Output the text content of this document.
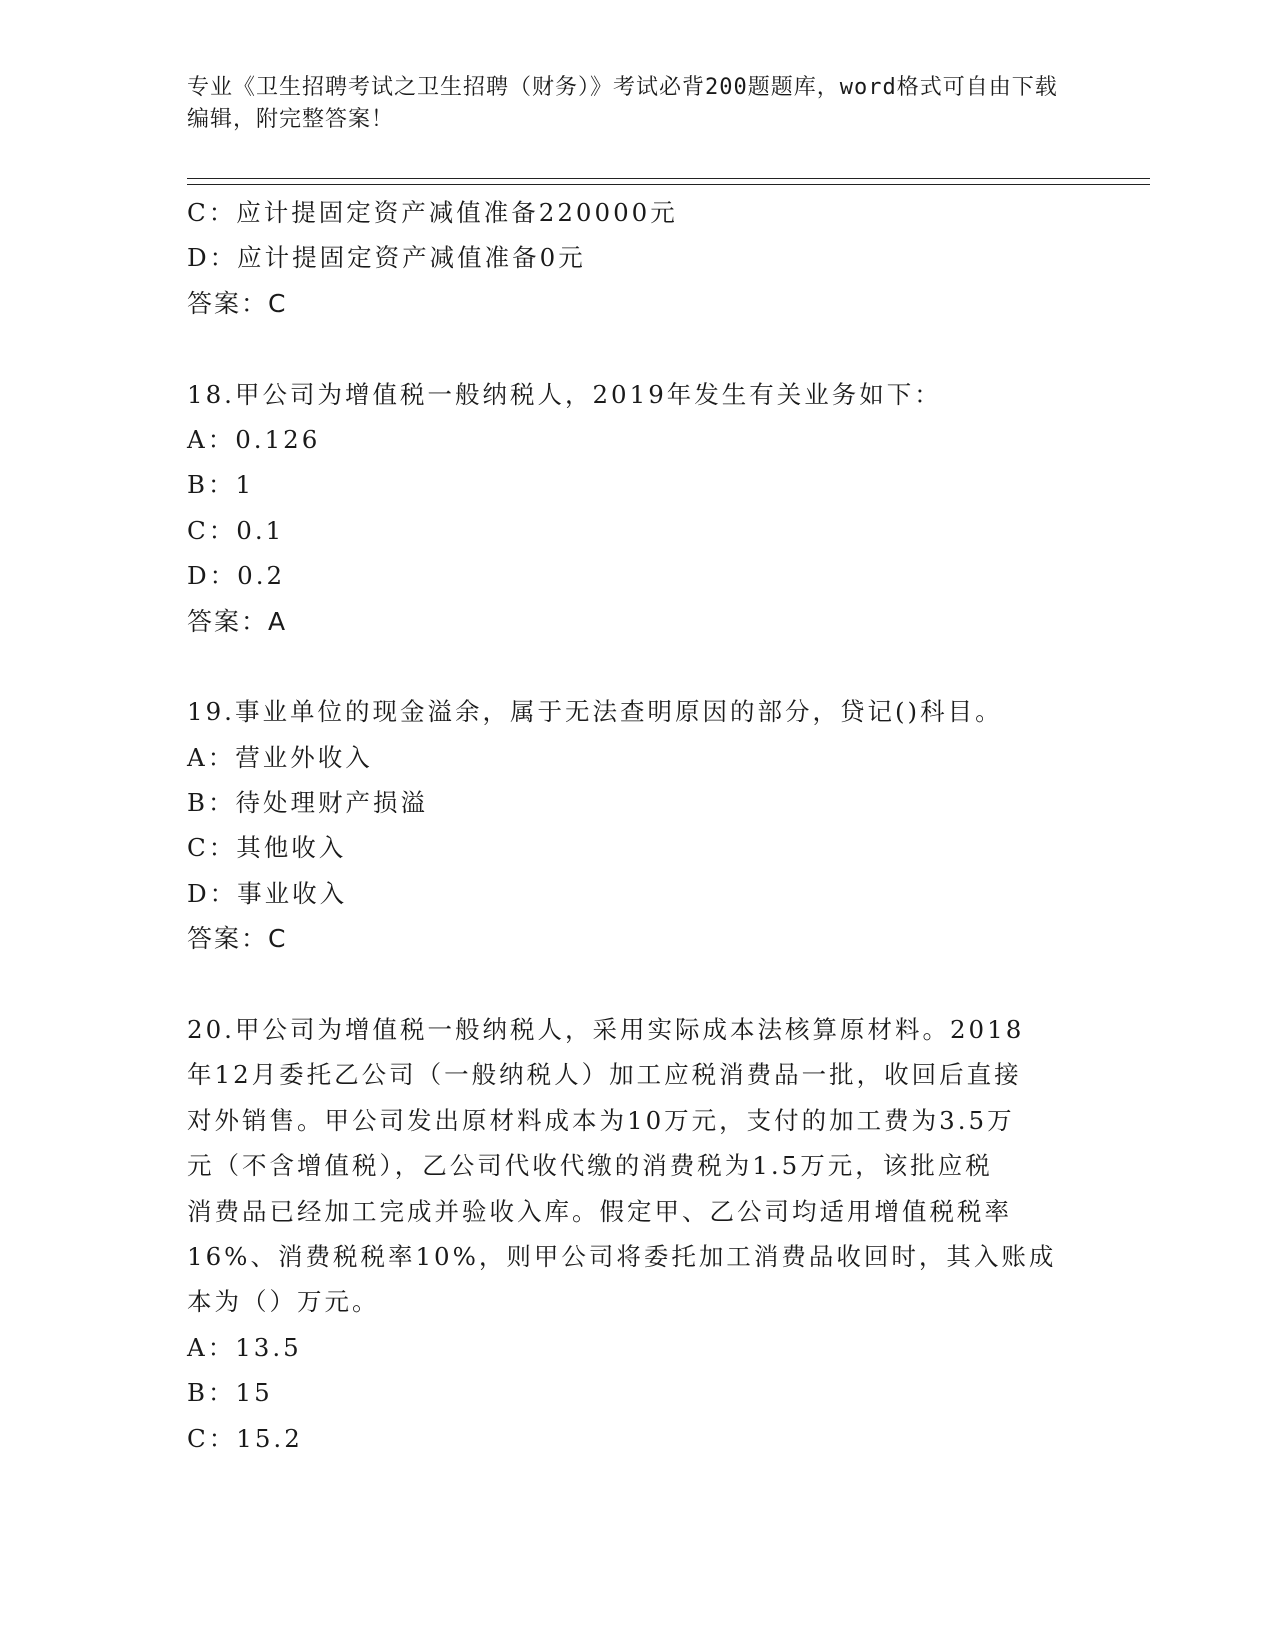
专业《卫生招聘考试之卫生招聘（财务）》考试必背200题题库，word格式可自由下载编辑，附完整答案！
C：应计提固定资产减值准备220000元
D：应计提固定资产减值准备0元
答案：C
18.甲公司为增值税一般纳税人，2019年发生有关业务如下：
A：0.126
B：1
C：0.1
D：0.2
答案：A
19.事业单位的现金溢余，属于无法查明原因的部分，贷记()科目。
A：营业外收入
B：待处理财产损溢
C：其他收入
D：事业收入
答案：C
20.甲公司为增值税一般纳税人，采用实际成本法核算原材料。2018
年12月委托乙公司（一般纳税人）加工应税消费品一批，收回后直接
对外销售。甲公司发出原材料成本为10万元，支付的加工费为3.5万
元（不含增值税），乙公司代收代缴的消费税为1.5万元，该批应税
消费品已经加工完成并验收入库。假定甲、乙公司均适用增值税税率
16%、消费税税率10%，则甲公司将委托加工消费品收回时，其入账成
本为（）万元。
A：13.5
B：15
C：15.2
